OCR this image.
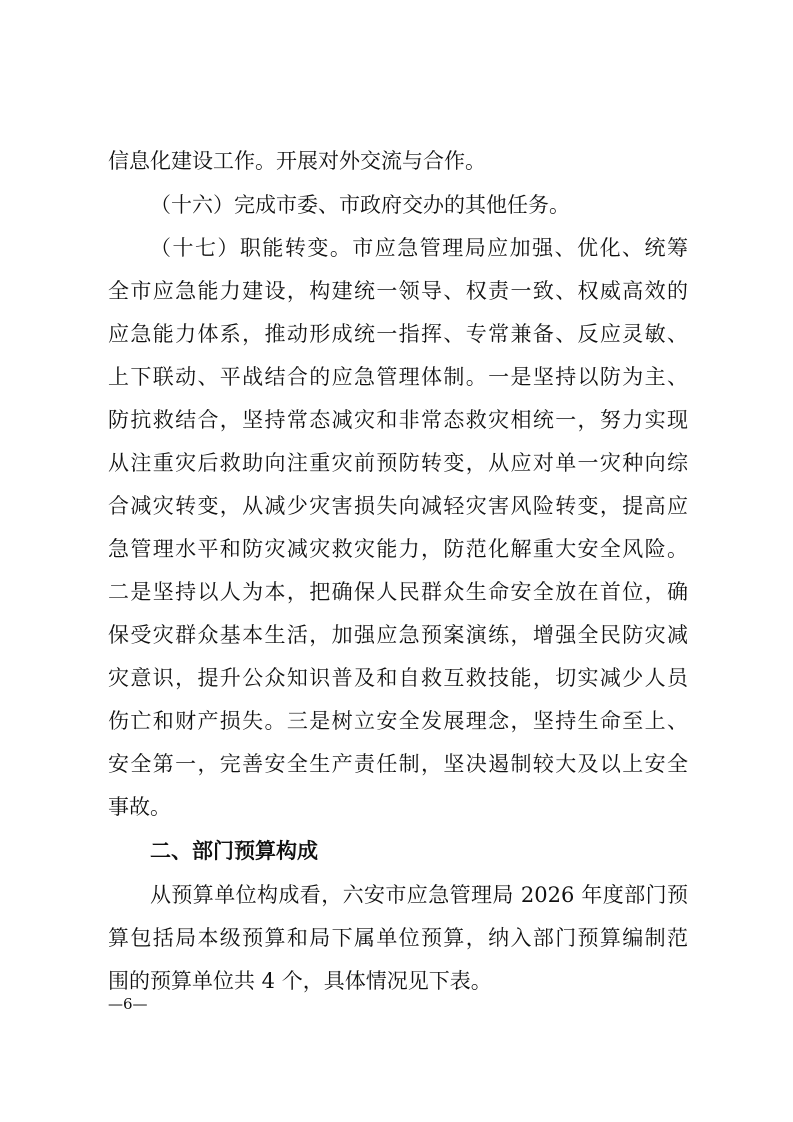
信息化建设工作。开展对外交流与合作。
（十六）完成市委、市政府交办的其他任务。
（十七）职能转变。市应急管理局应加强、优化、统筹
全市应急能力建设，构建统一领导、权责一致、权威高效的
应急能力体系，推动形成统一指挥、专常兼备、反应灵敏、
上下联动、平战结合的应急管理体制。一是坚持以防为主、
防抗救结合，坚持常态减灾和非常态救灾相统一，努力实现
从注重灾后救助向注重灾前预防转变，从应对单一灾种向综
合减灾转变，从减少灾害损失向减轻灾害风险转变，提高应
急管理水平和防灾减灾救灾能力，防范化解重大安全风险。
二是坚持以人为本，把确保人民群众生命安全放在首位，确
保受灾群众基本生活，加强应急预案演练，增强全民防灾减
灾意识，提升公众知识普及和自救互救技能，切实减少人员
伤亡和财产损失。三是树立安全发展理念，坚持生命至上、
安全第一，完善安全生产责任制，坚决遏制较大及以上安全
事故。
二、部门预算构成
从预算单位构成看，六安市应急管理局 2026 年度部门预
算包括局本级预算和局下属单位预算，纳入部门预算编制范
围的预算单位共 4 个，具体情况见下表。
—6—
